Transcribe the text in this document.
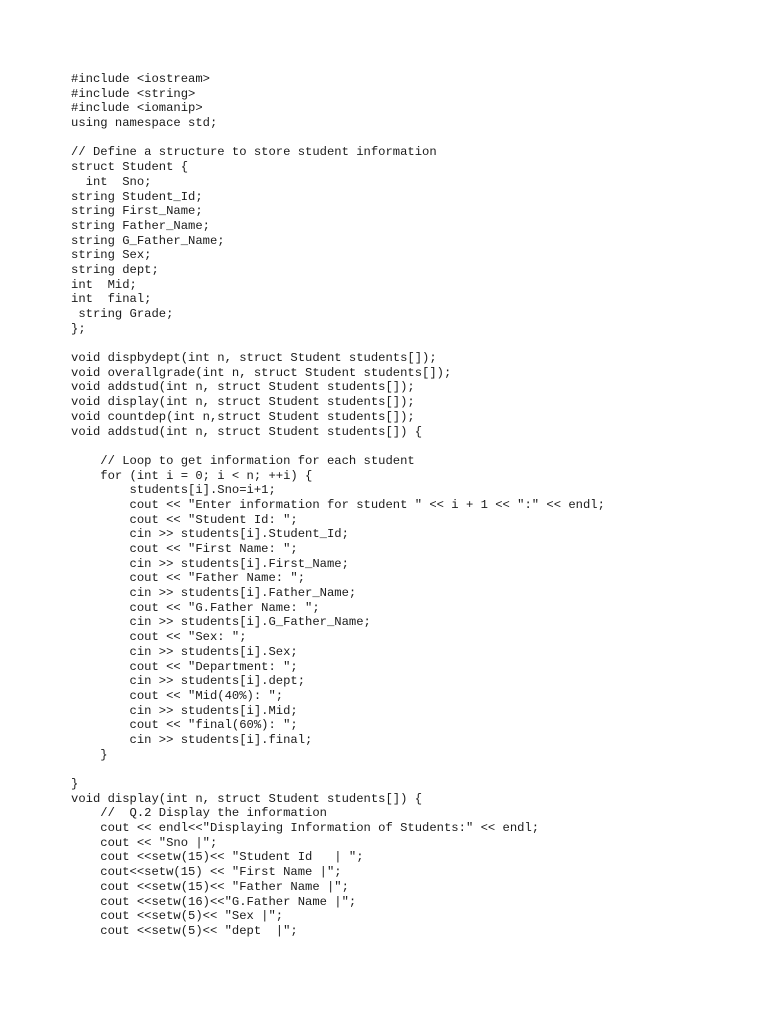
#include <iostream>
#include <string>
#include <iomanip>
using namespace std;
// Define a structure to store student information
struct Student {
int  Sno;
string Student_Id;
string First_Name;
string Father_Name;
string G_Father_Name;
string Sex;
string dept;
int  Mid;
int  final;
string Grade;
};
void dispbydept(int n, struct Student students[]);
void overallgrade(int n, struct Student students[]);
void addstud(int n, struct Student students[]);
void display(int n, struct Student students[]);
void countdep(int n,struct Student students[]);
void addstud(int n, struct Student students[]) {
// Loop to get information for each student
for (int i = 0; i < n; ++i) {
students[i].Sno=i+1;
cout << "Enter information for student " << i + 1 << ":" << endl;
cout << "Student Id: ";
cin >> students[i].Student_Id;
cout << "First Name: ";
cin >> students[i].First_Name;
cout << "Father Name: ";
cin >> students[i].Father_Name;
cout << "G.Father Name: ";
cin >> students[i].G_Father_Name;
cout << "Sex: ";
cin >> students[i].Sex;
cout << "Department: ";
cin >> students[i].dept;
cout << "Mid(40%): ";
cin >> students[i].Mid;
cout << "final(60%): ";
cin >> students[i].final;
}
}
void display(int n, struct Student students[]) {
//  Q.2 Display the information
cout << endl<<"Displaying Information of Students:" << endl;
cout << "Sno |";
cout <<setw(15)<< "Student Id   | ";
cout<<setw(15) << "First Name |";
cout <<setw(15)<< "Father Name |";
cout <<setw(16)<<"G.Father Name |";
cout <<setw(5)<< "Sex |";
cout <<setw(5)<< "dept  |";
